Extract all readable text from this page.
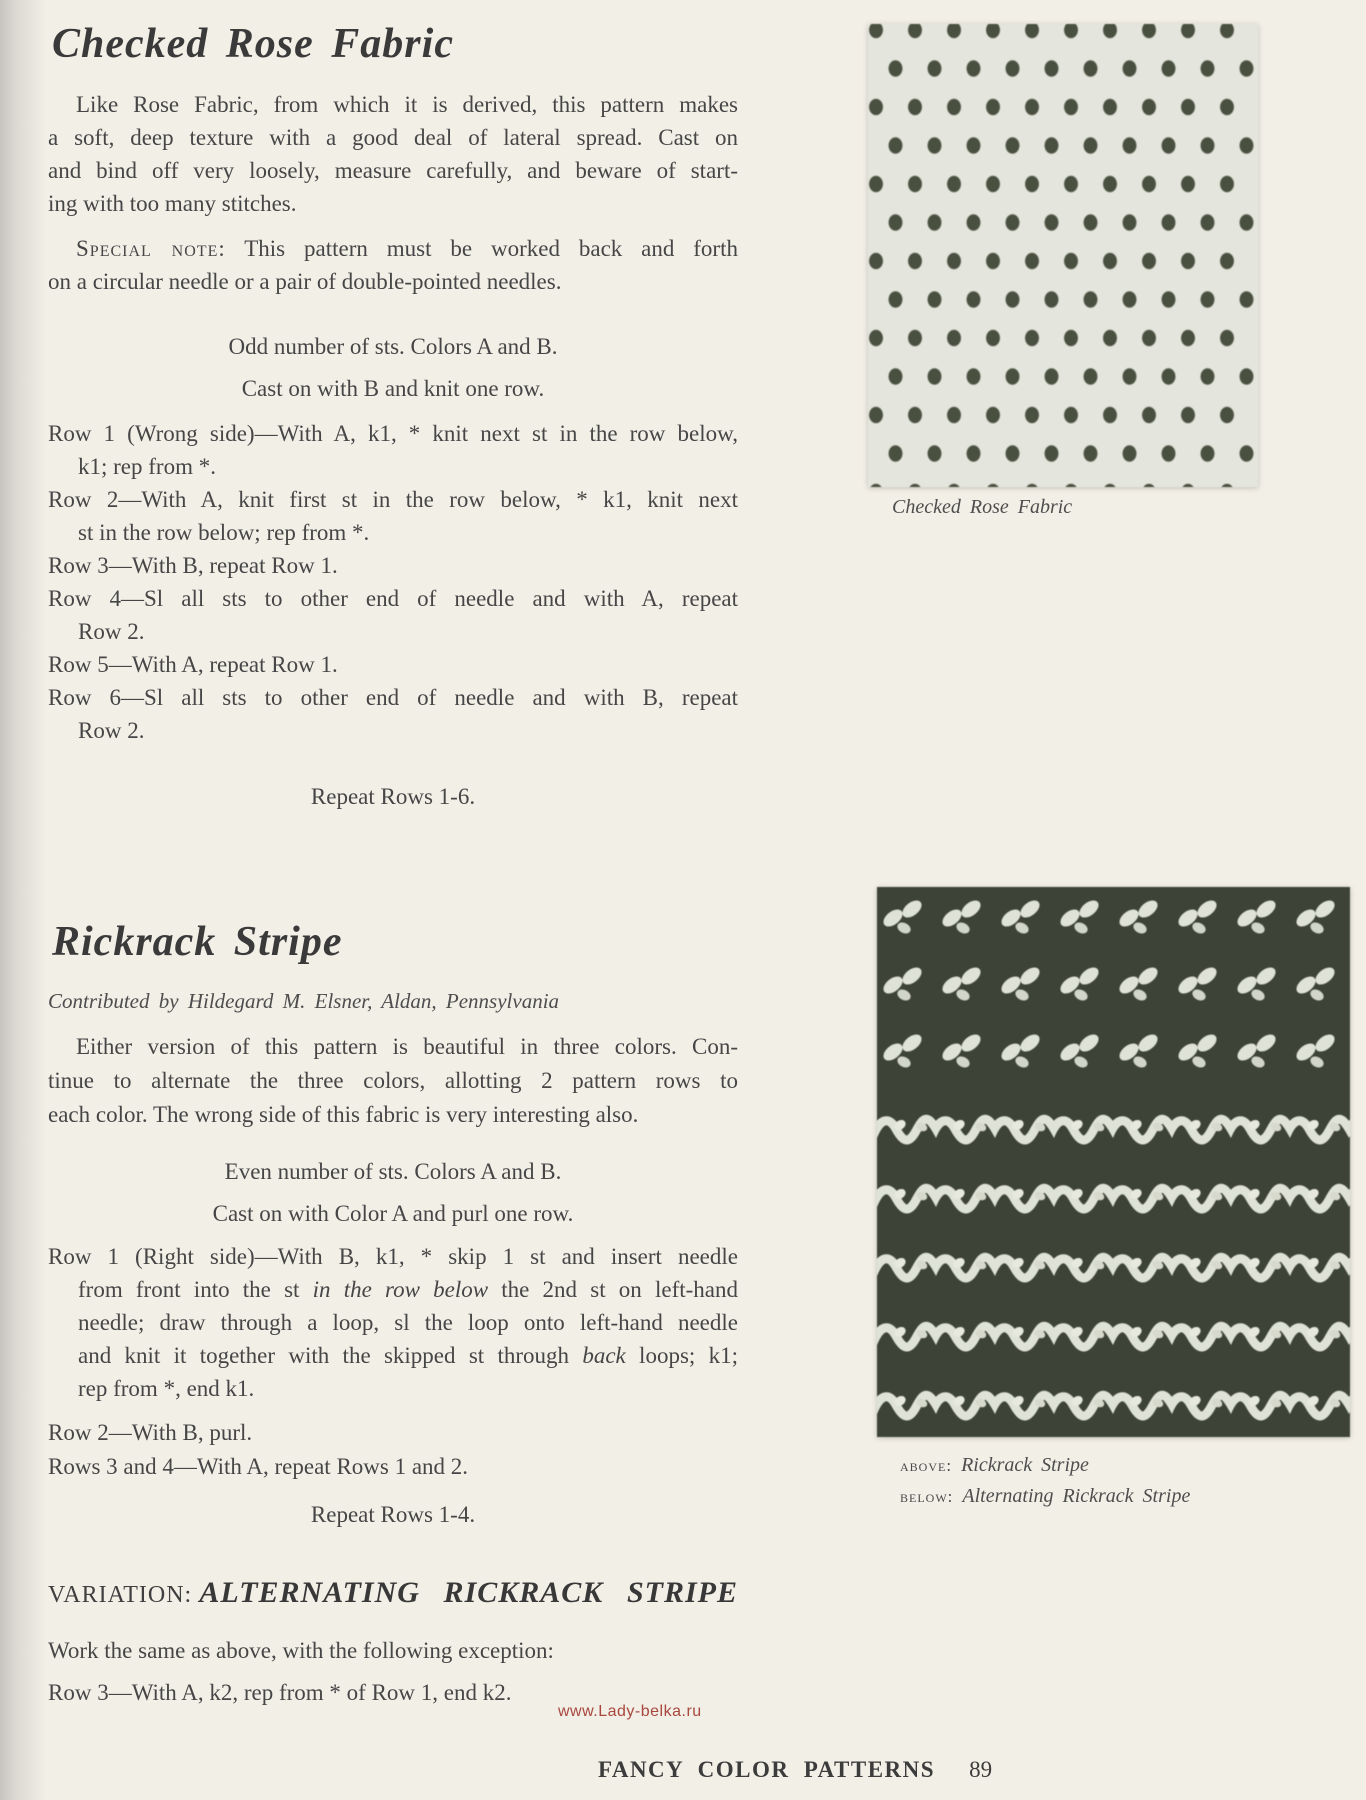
Checked Rose Fabric
Like Rose Fabric, from which it is derived, this pattern makes
a soft, deep texture with a good deal of lateral spread. Cast on
and bind off very loosely, measure carefully, and beware of start-
ing with too many stitches.
Special note: This pattern must be worked back and forth
on a circular needle or a pair of double-pointed needles.
Odd number of sts. Colors A and B.
Cast on with B and knit one row.
Row 1 (Wrong side)—With A, k1, * knit next st in the row below,
k1; rep from *.
Row 2—With A, knit first st in the row below, * k1, knit next
st in the row below; rep from *.
Row 3—With B, repeat Row 1.
Row 4—Sl all sts to other end of needle and with A, repeat
Row 2.
Row 5—With A, repeat Row 1.
Row 6—Sl all sts to other end of needle and with B, repeat
Row 2.
Repeat Rows 1-6.
Checked Rose Fabric
Rickrack Stripe
Contributed by Hildegard M. Elsner, Aldan, Pennsylvania
Either version of this pattern is beautiful in three colors. Con-
tinue to alternate the three colors, allotting 2 pattern rows to
each color. The wrong side of this fabric is very interesting also.
Even number of sts. Colors A and B.
Cast on with Color A and purl one row.
Row 1 (Right side)—With B, k1, * skip 1 st and insert needle
from front into the st in the row below the 2nd st on left-hand
needle; draw through a loop, sl the loop onto left-hand needle
and knit it together with the skipped st through back loops; k1;
rep from *, end k1.
Row 2—With B, purl.
Rows 3 and 4—With A, repeat Rows 1 and 2.
Repeat Rows 1-4.
VARIATION: ALTERNATING RICKRACK STRIPE
Work the same as above, with the following exception:
Row 3—With A, k2, rep from * of Row 1, end k2.
above: Rickrack Stripe
below: Alternating Rickrack Stripe
www.Lady-belka.ru
FANCY COLOR PATTERNS 89
